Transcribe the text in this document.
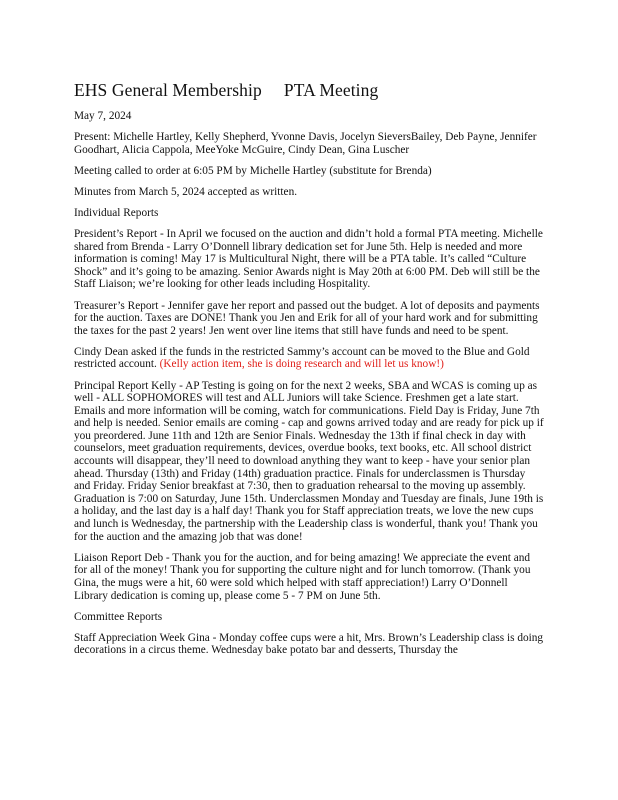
EHS General Membership PTA Meeting

May 7, 2024

Present: Michelle Hartley, Kelly Shepherd, Yvonne Davis, Jocelyn SieversBailey, Deb Payne, Jennifer Goodhart, Alicia Cappola, MeeYoke McGuire, Cindy Dean, Gina Luscher

Meeting called to order at 6:05 PM by Michelle Hartley (substitute for Brenda)

Minutes from March 5, 2024 accepted as written.

Individual Reports

President’s Report - In April we focused on the auction and didn’t hold a formal PTA meeting. Michelle shared from Brenda - Larry O’Donnell library dedication set for June 5th. Help is needed and more information is coming! May 17 is Multicultural Night, there will be a PTA table. It’s called “Culture Shock” and it’s going to be amazing. Senior Awards night is May 20th at 6:00 PM. Deb will still be the Staff Liaison; we’re looking for other leads including Hospitality.

Treasurer’s Report - Jennifer gave her report and passed out the budget. A lot of deposits and payments for the auction. Taxes are DONE! Thank you Jen and Erik for all of your hard work and for submitting the taxes for the past 2 years! Jen went over line items that still have funds and need to be spent.

Cindy Dean asked if the funds in the restricted Sammy’s account can be moved to the Blue and Gold restricted account. (Kelly action item, she is doing research and will let us know!)

Principal Report Kelly - AP Testing is going on for the next 2 weeks, SBA and WCAS is coming up as well - ALL SOPHOMORES will test and ALL Juniors will take Science. Freshmen get a late start. Emails and more information will be coming, watch for communications. Field Day is Friday, June 7th and help is needed. Senior emails are coming - cap and gowns arrived today and are ready for pick up if you preordered. June 11th and 12th are Senior Finals. Wednesday the 13th if final check in day with counselors, meet graduation requirements, devices, overdue books, text books, etc. All school district accounts will disappear, they’ll need to download anything they want to keep - have your senior plan ahead. Thursday (13th) and Friday (14th) graduation practice. Finals for underclassmen is Thursday and Friday. Friday Senior breakfast at 7:30, then to graduation rehearsal to the moving up assembly. Graduation is 7:00 on Saturday, June 15th. Underclassmen Monday and Tuesday are finals, June 19th is a holiday, and the last day is a half day! Thank you for Staff appreciation treats, we love the new cups and lunch is Wednesday, the partnership with the Leadership class is wonderful, thank you! Thank you for the auction and the amazing job that was done!

Liaison Report Deb - Thank you for the auction, and for being amazing! We appreciate the event and for all of the money! Thank you for supporting the culture night and for lunch tomorrow. (Thank you Gina, the mugs were a hit, 60 were sold which helped with staff appreciation!) Larry O’Donnell Library dedication is coming up, please come 5 - 7 PM on June 5th.

Committee Reports

Staff Appreciation Week Gina - Monday coffee cups were a hit, Mrs. Brown’s Leadership class is doing decorations in a circus theme. Wednesday bake potato bar and desserts, Thursday the
